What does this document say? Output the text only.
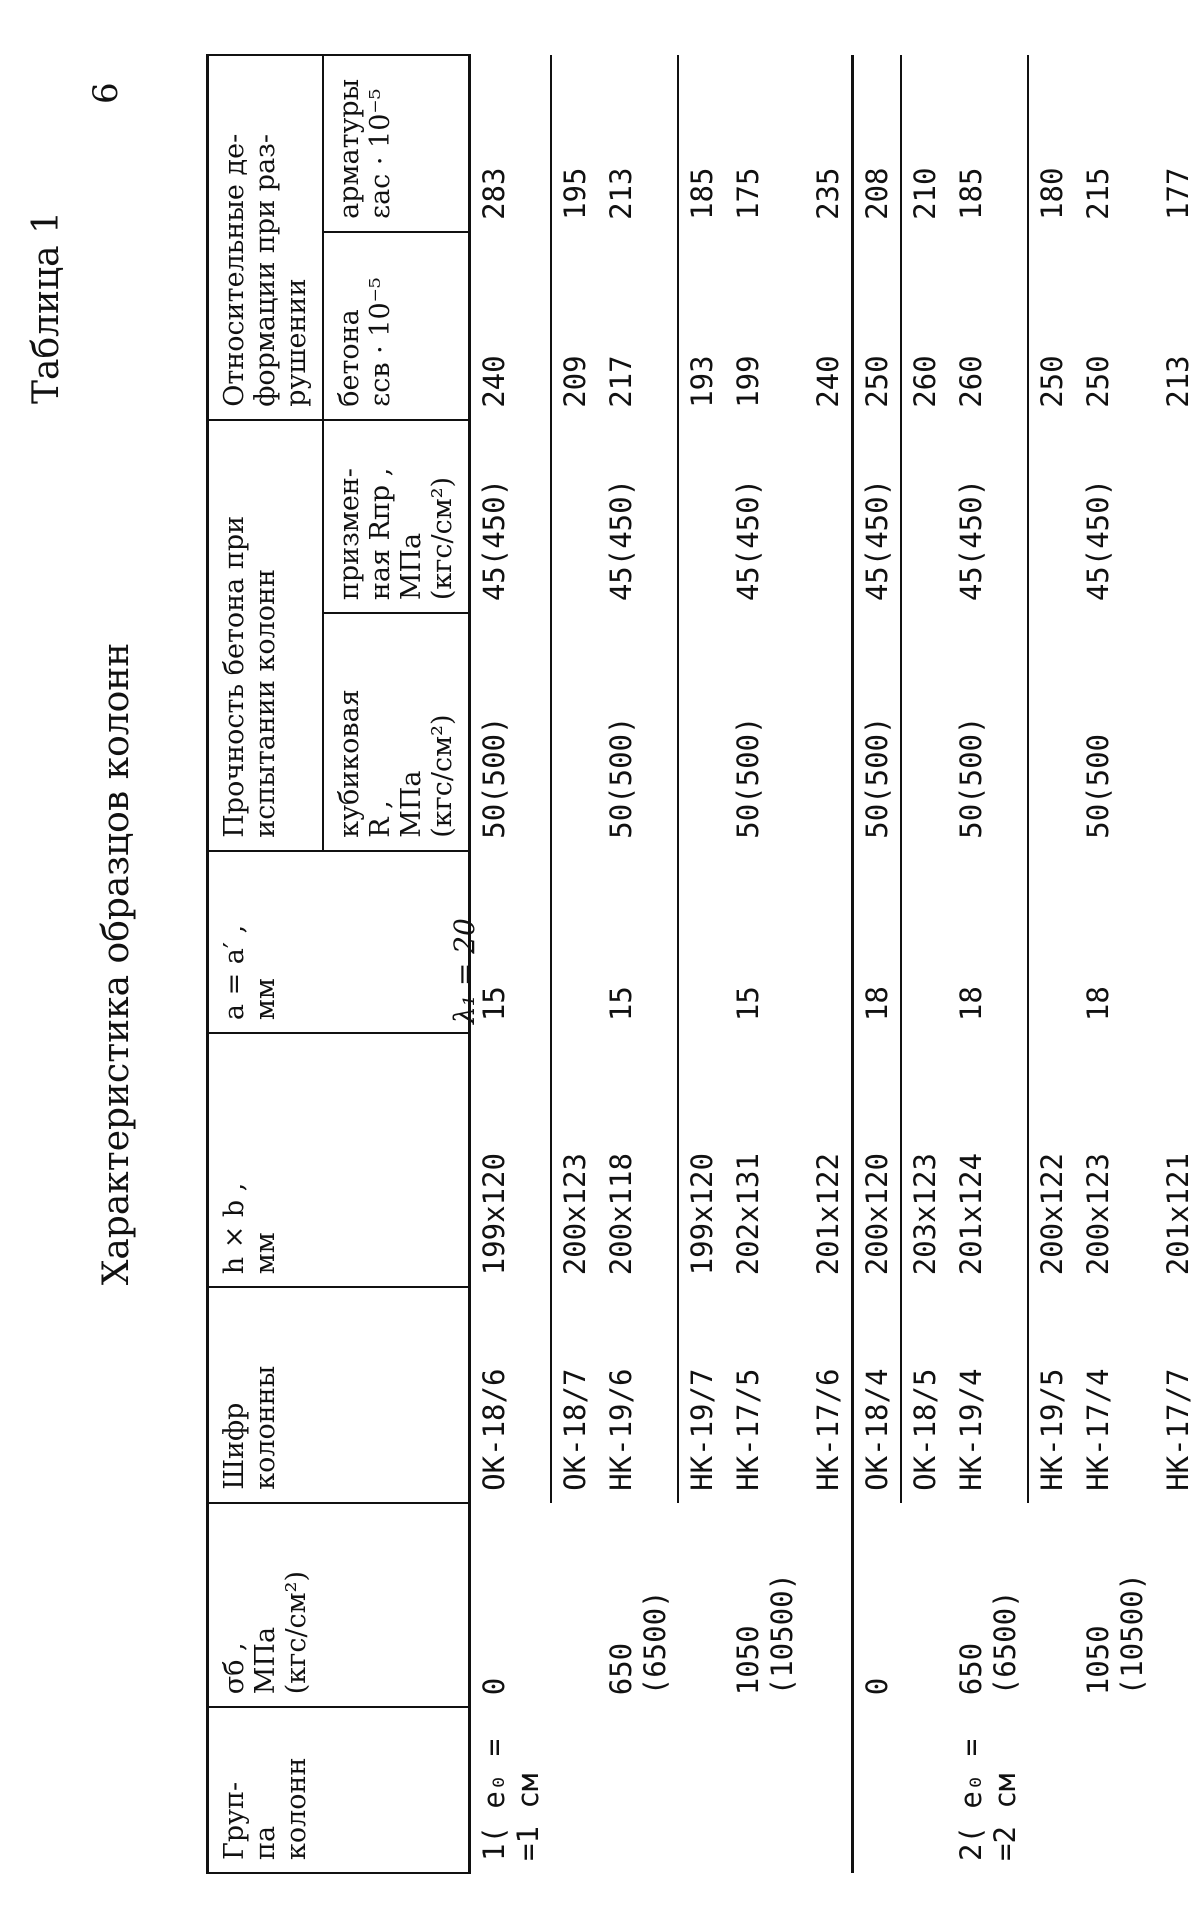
6
Характеристика образцов колонн
Таблица 1
Груп-
па
колонн	σб ,
МПа
(кгс/см²)	Шифр
колонны	h × b ,
мм	a = a′ ,
мм	Прочность бетона при
испытании колонн		Относительные де-
формации при раз-
рушении	
					кубиковая
R ,
МПа
(кгс/см²)	призмен-
ная Rпр ,
МПа
(кгс/см²)	бетона
εсв · 10⁻⁵	арматуры
εас · 10⁻⁵
1( e₀ =
=1 см	0	ОК-18/6	199x120	15	50(500)	45(450)	240	283
		ОК-18/7	200x123				209	195
	650
(6500)	НК-19/6	200x118	15	50(500)	45(450)	217	213
		НК-19/7	199x120				193	185
	1050
(10500)	НК-17/5	202x131	15	50(500)	45(450)	199	175
		НК-17/6	201x122				240	235
	0	ОК-18/4	200x120	18	50(500)	45(450)	250	208
		ОК-18/5	203x123				260	210
2( e₀ =
=2 см	650
(6500)	НК-19/4	201x124	18	50(500)	45(450)	260	185
		НК-19/5	200x122				250	180
	1050
(10500)	НК-17/4	200x123	18	50(500	45(450)	250	215
		НК-17/7	201x121				213	177
λ₁ = 20
